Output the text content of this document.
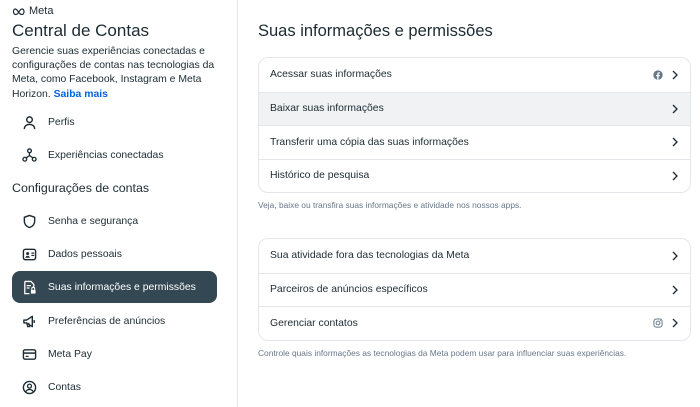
Meta
Central de Contas
Gerencie suas experiências conectadas e configurações de contas nas tecnologias da Meta, como Facebook, Instagram e Meta Horizon. Saiba mais
Perfis
Experiências conectadas
Configurações de contas
Senha e segurança
Dados pessoais
Suas informações e permissões
Preferências de anúncios
Meta Pay
Contas
Suas informações e permissões
Acessar suas informações
Baixar suas informações
Transferir uma cópia das suas informações
Histórico de pesquisa
Veja, baixe ou transfira suas informações e atividade nos nossos apps.
Sua atividade fora das tecnologias da Meta
Parceiros de anúncios específicos
Gerenciar contatos
Controle quais informações as tecnologias da Meta podem usar para influenciar suas experiências.
